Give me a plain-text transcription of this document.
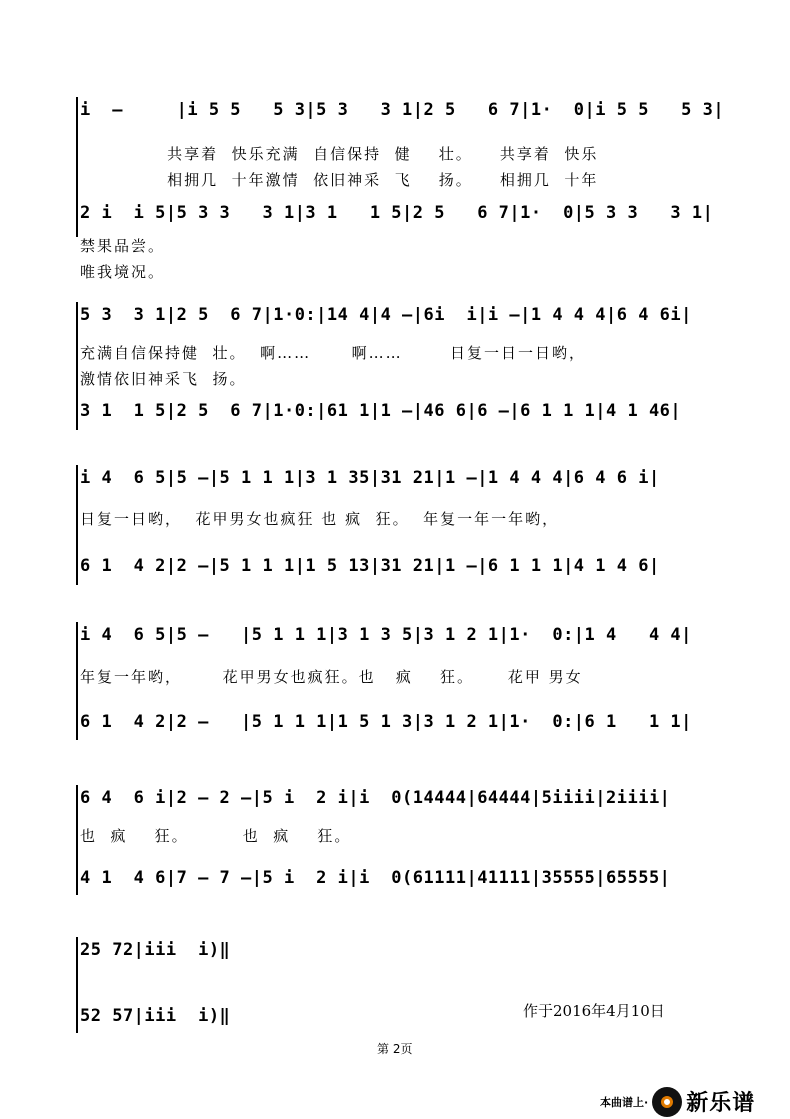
i  –     |i 5 5   5 3|5 3   3 1|2 5   6 7|1·  0|i 5 5   5 3|
共享着  快乐充满  自信保持  健    壮。    共享着  快乐
相拥几  十年激情  依旧神采  飞    扬。    相拥几  十年
2 i  i 5|5 3 3   3 1|3 1   1 5|2 5   6 7|1·  0|5 3 3   3 1|
禁果品尝。
唯我境况。
5 3  3 1|2 5  6 7|1·0:|14 4|4 –|6i  i|i –|1 4 4 4|6 4 6i|
充满自信保持健  壮。  啊……      啊……       日复一日一日哟，
激情依旧神采飞  扬。
3 1  1 5|2 5  6 7|1·0:|61 1|1 –|46 6|6 –|6 1 1 1|4 1 46|
i 4  6 5|5 –|5 1 1 1|3 1 35|31 21|1 –|1 4 4 4|6 4 6 i|
日复一日哟，  花甲男女也疯狂 也 疯  狂。  年复一年一年哟，
6 1  4 2|2 –|5 1 1 1|1 5 13|31 21|1 –|6 1 1 1|4 1 4 6|
i 4  6 5|5 –   |5 1 1 1|3 1 3 5|3 1 2 1|1·  0:|1 4   4 4|
年复一年哟，      花甲男女也疯狂。也   疯    狂。     花甲 男女
6 1  4 2|2 –   |5 1 1 1|1 5 1 3|3 1 2 1|1·  0:|6 1   1 1|
6 4  6 i|2 – 2 –|5 i  2 i|i  0(14444|64444|5iiii|2iiii|
也  疯    狂。        也  疯    狂。
4 1  4 6|7 – 7 –|5 i  2 i|i  0(61111|41111|35555|65555|
25 72|iii  i)‖
52 57|iii  i)‖	作于2016年4月10日
第 2页
本曲谱上· 新乐谱
